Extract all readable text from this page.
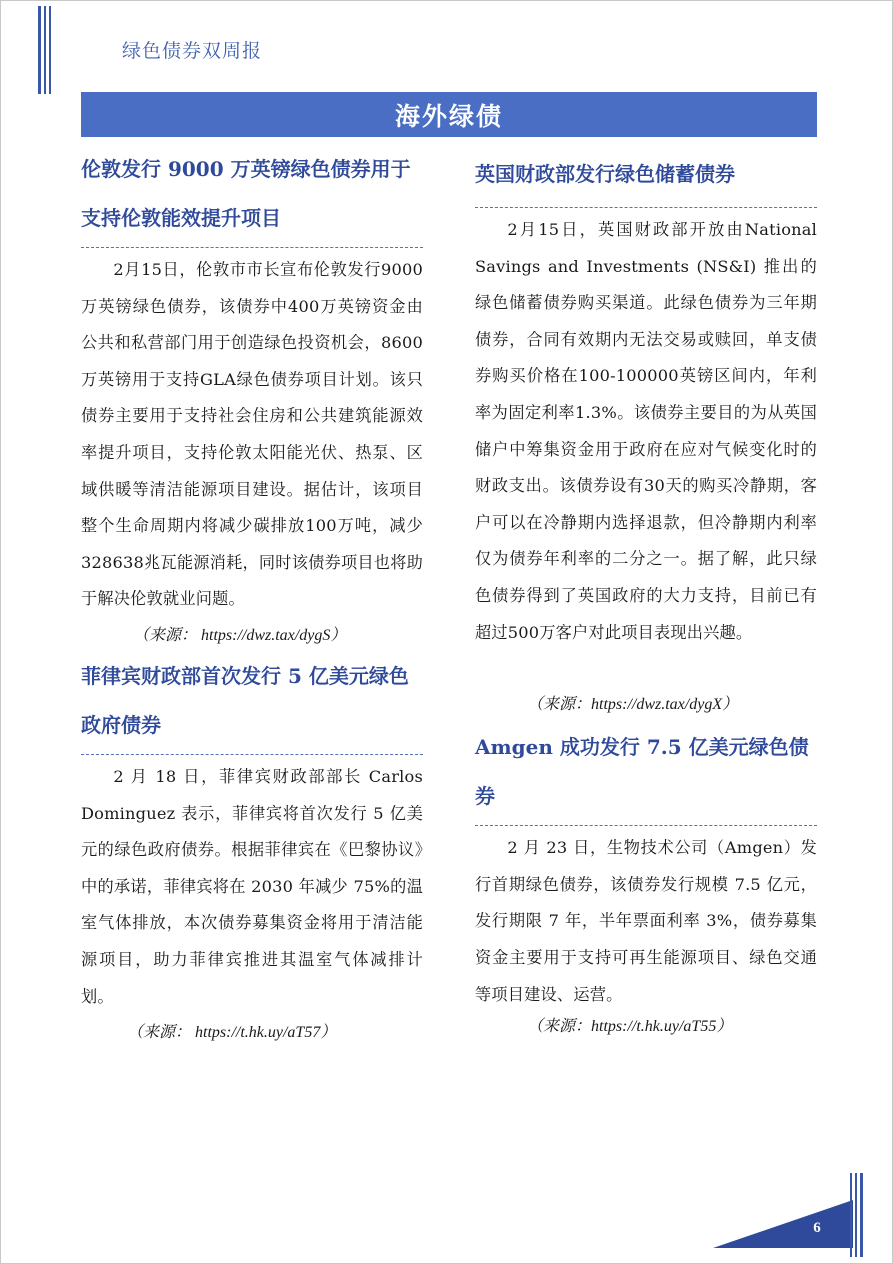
绿色债券双周报
海外绿债
伦敦发行 9000 万英镑绿色债券用于
支持伦敦能效提升项目

2月15日，伦敦市市长宣布伦敦发行9000万英镑绿色债券，该债券中400万英镑资金由公共和私营部门用于创造绿色投资机会，8600万英镑用于支持GLA绿色债券项目计划。该只债券主要用于支持社会住房和公共建筑能源效率提升项目，支持伦敦太阳能光伏、热泵、区域供暖等清洁能源项目建设。据估计，该项目整个生命周期内将减少碳排放100万吨，减少328638兆瓦能源消耗，同时该债券项目也将助于解决伦敦就业问题。

（来源： https://dwz.tax/dygS）

菲律宾财政部首次发行 5 亿美元绿色
政府债券

2 月 18 日，菲律宾财政部部长 Carlos Dominguez 表示，菲律宾将首次发行 5 亿美元的绿色政府债券。根据菲律宾在《巴黎协议》中的承诺，菲律宾将在 2030 年减少 75%的温室气体排放，本次债券募集资金将用于清洁能源项目，助力菲律宾推进其温室气体减排计划。

（来源： https://t.hk.uy/aT57）

英国财政部发行绿色储蓄债券

2月15日，英国财政部开放由National Savings and Investments (NS&I) 推出的绿色储蓄债券购买渠道。此绿色债券为三年期债券，合同有效期内无法交易或赎回，单支债券购买价格在100-100000英镑区间内，年利率为固定利率1.3%。该债券主要目的为从英国储户中筹集资金用于政府在应对气候变化时的财政支出。该债券设有30天的购买冷静期，客户可以在冷静期内选择退款，但冷静期内利率仅为债券年利率的二分之一。据了解，此只绿色债券得到了英国政府的大力支持，目前已有超过500万客户对此项目表现出兴趣。

（来源：https://dwz.tax/dygX）

Amgen 成功发行 7.5 亿美元绿色债券

2 月 23 日，生物技术公司（Amgen）发行首期绿色债券，该债券发行规模 7.5 亿元，发行期限 7 年，半年票面利率 3%，债券募集资金主要用于支持可再生能源项目、绿色交通等项目建设、运营。

（来源：https://t.hk.uy/aT55）

6
